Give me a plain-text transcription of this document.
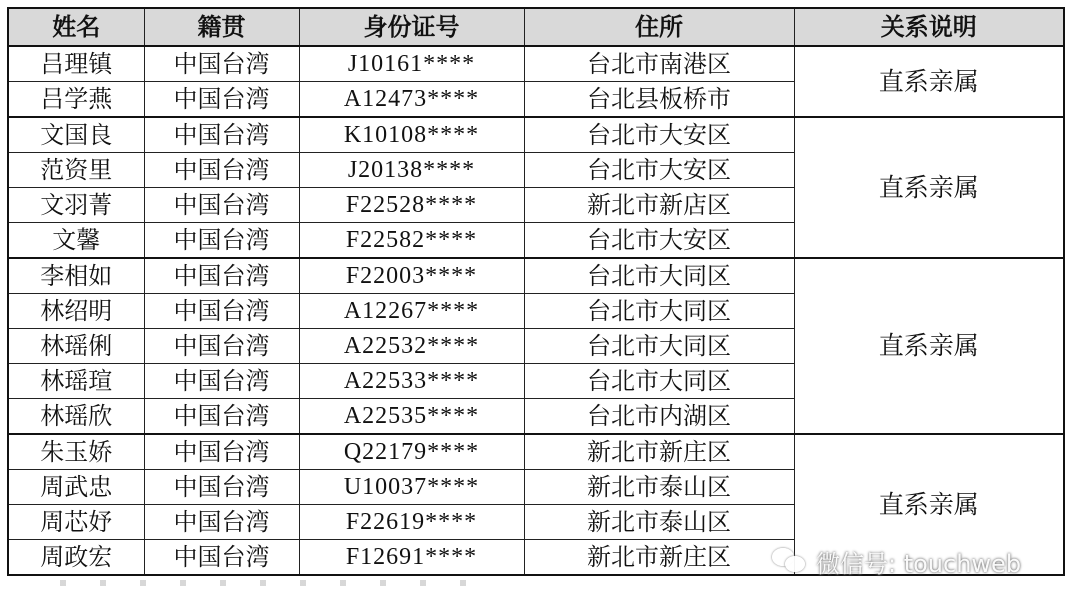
姓名	籍贯	身份证号	住所	关系说明
吕理镇	中国台湾	J10161****	台北市南港区	直系亲属
吕学燕	中国台湾	A12473****	台北县板桥市	
文国良	中国台湾	K10108****	台北市大安区	直系亲属
范资里	中国台湾	J20138****	台北市大安区	
文羽菁	中国台湾	F22528****	新北市新店区	
文馨	中国台湾	F22582****	台北市大安区	
李相如	中国台湾	F22003****	台北市大同区	直系亲属
林绍明	中国台湾	A12267****	台北市大同区	
林瑶俐	中国台湾	A22532****	台北市大同区	
林瑶瑄	中国台湾	A22533****	台北市大同区	
林瑶欣	中国台湾	A22535****	台北市内湖区	
朱玉娇	中国台湾	Q22179****	新北市新庄区	直系亲属
周武忠	中国台湾	U10037****	新北市泰山区	
周芯妤	中国台湾	F22619****	新北市泰山区	
周政宏	中国台湾	F12691****	新北市新庄区		微信号: touchweb
